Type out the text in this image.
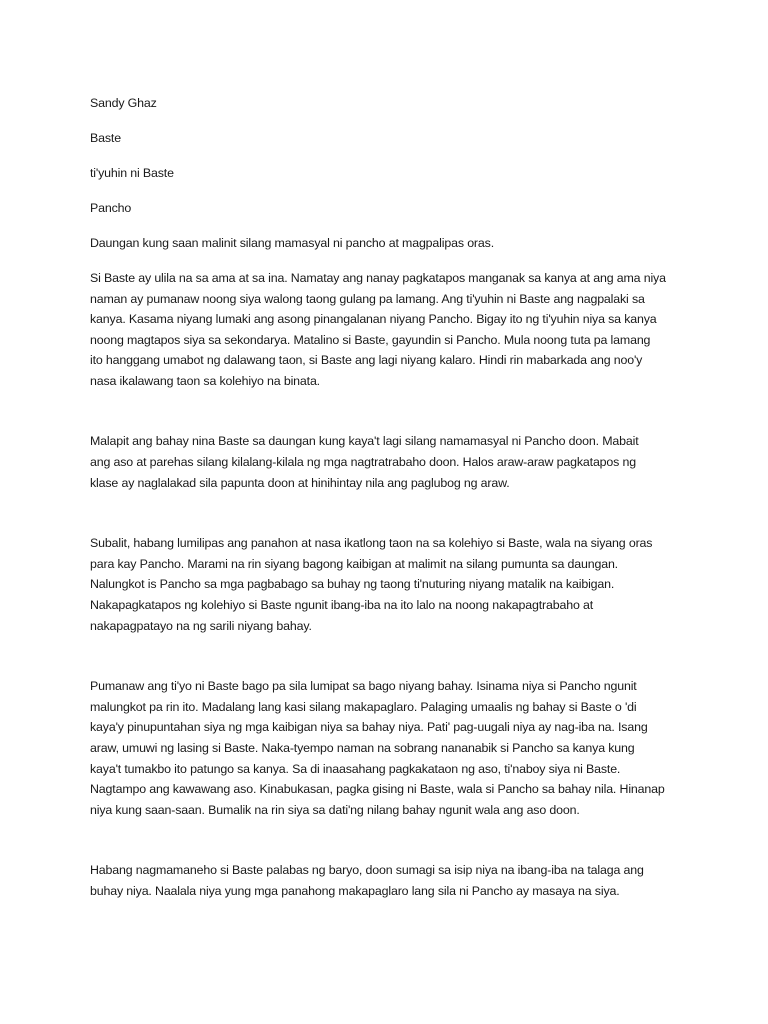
Sandy Ghaz
Baste
ti'yuhin ni Baste
Pancho
Daungan kung saan malinit silang mamasyal ni pancho at magpalipas oras.
Si Baste ay ulila na sa ama at sa ina. Namatay ang nanay pagkatapos manganak sa kanya at ang ama niya
naman ay pumanaw noong siya walong taong gulang pa lamang. Ang ti'yuhin ni Baste ang nagpalaki sa
kanya. Kasama niyang lumaki ang asong pinangalanan niyang Pancho. Bigay ito ng ti'yuhin niya sa kanya
noong magtapos siya sa sekondarya. Matalino si Baste, gayundin si Pancho. Mula noong tuta pa lamang
ito hanggang umabot ng dalawang taon, si Baste ang lagi niyang kalaro. Hindi rin mabarkada ang noo'y
nasa ikalawang taon sa kolehiyo na binata.
Malapit ang bahay nina Baste sa daungan kung kaya't lagi silang namamasyal ni Pancho doon. Mabait
ang aso at parehas silang kilalang-kilala ng mga nagtratrabaho doon. Halos araw-araw pagkatapos ng
klase ay naglalakad sila papunta doon at hinihintay nila ang paglubog ng araw.
Subalit, habang lumilipas ang panahon at nasa ikatlong taon na sa kolehiyo si Baste, wala na siyang oras
para kay Pancho. Marami na rin siyang bagong kaibigan at malimit na silang pumunta sa daungan.
Nalungkot is Pancho sa mga pagbabago sa buhay ng taong ti'nuturing niyang matalik na kaibigan.
Nakapagkatapos ng kolehiyo si Baste ngunit ibang-iba na ito lalo na noong nakapagtrabaho at
nakapagpatayo na ng sarili niyang bahay.
Pumanaw ang ti'yo ni Baste bago pa sila lumipat sa bago niyang bahay. Isinama niya si Pancho ngunit
malungkot pa rin ito. Madalang lang kasi silang makapaglaro. Palaging umaalis ng bahay si Baste o 'di
kaya'y pinupuntahan siya ng mga kaibigan niya sa bahay niya. Pati' pag-uugali niya ay nag-iba na. Isang
araw, umuwi ng lasing si Baste. Naka-tyempo naman na sobrang nananabik si Pancho sa kanya kung
kaya't tumakbo ito patungo sa kanya. Sa di inaasahang pagkakataon ng aso, ti'naboy siya ni Baste.
Nagtampo ang kawawang aso. Kinabukasan, pagka gising ni Baste, wala si Pancho sa bahay nila. Hinanap
niya kung saan-saan. Bumalik na rin siya sa dati'ng nilang bahay ngunit wala ang aso doon.
Habang nagmamaneho si Baste palabas ng baryo, doon sumagi sa isip niya na ibang-iba na talaga ang
buhay niya. Naalala niya yung mga panahong makapaglaro lang sila ni Pancho ay masaya na siya.
